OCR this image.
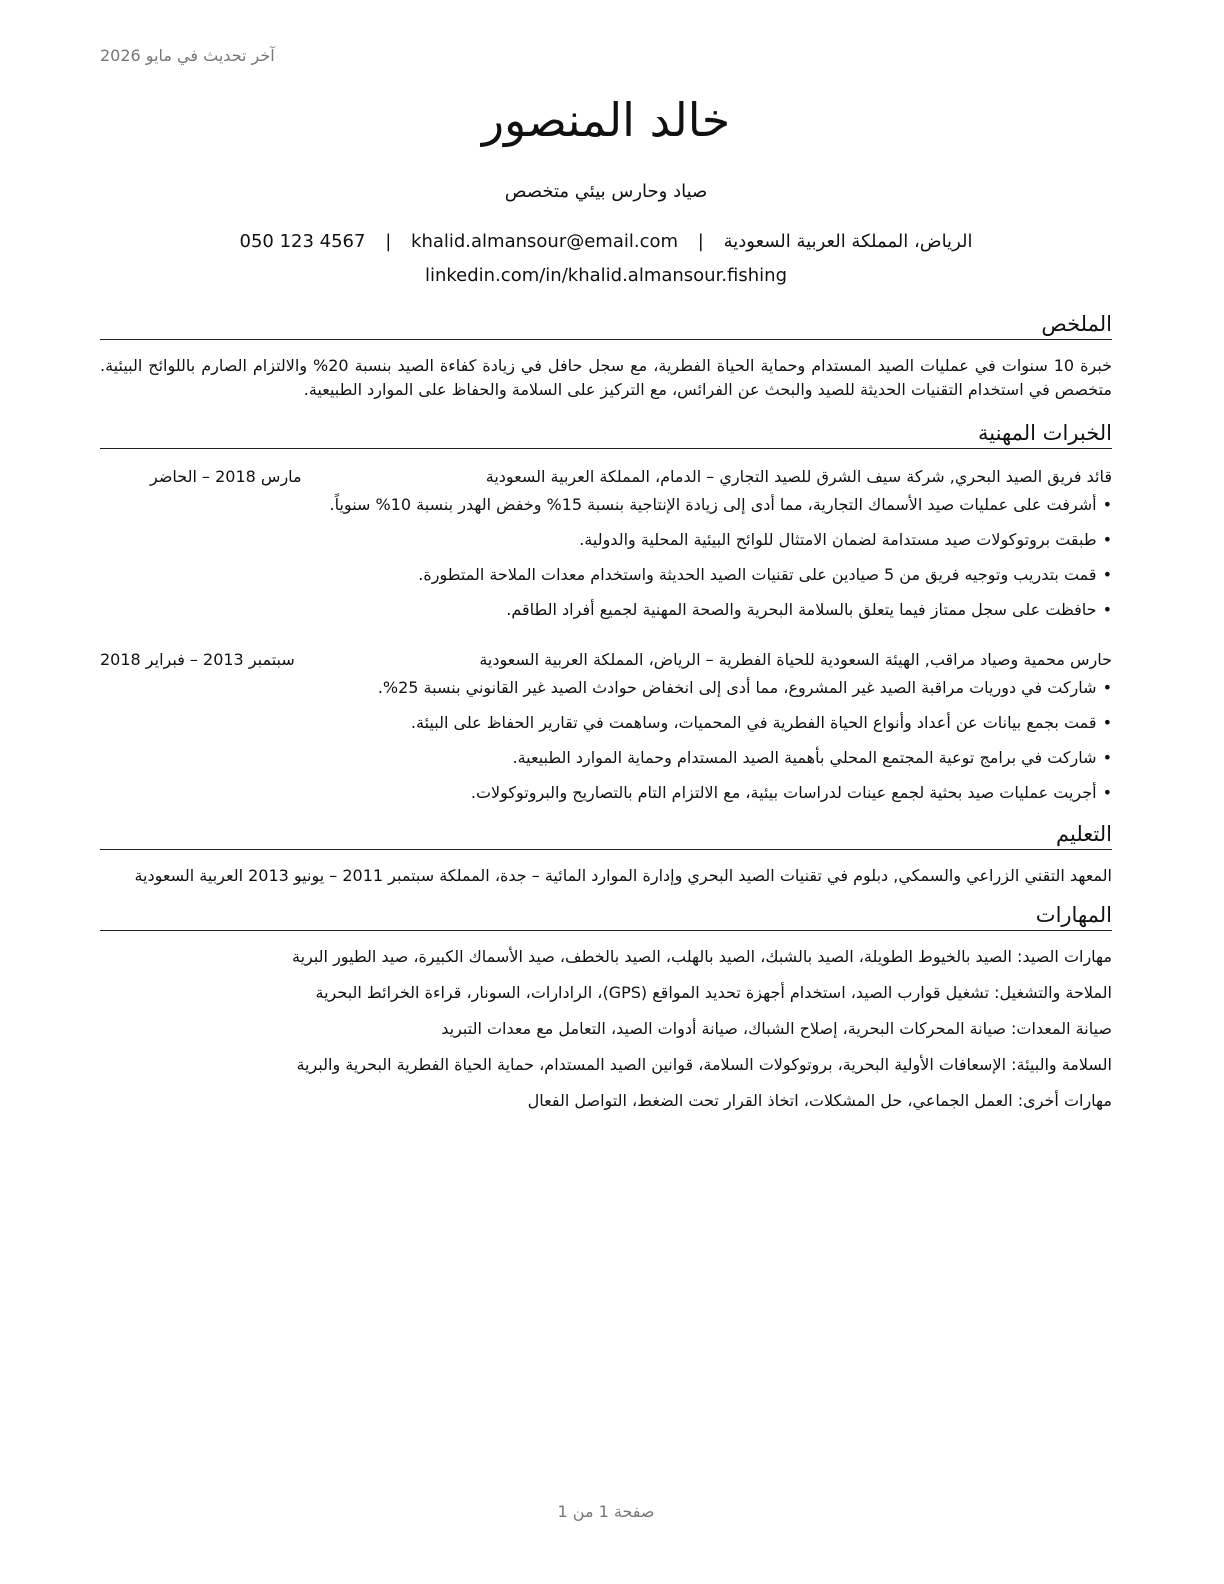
آخر تحديث في مايو 2026
خالد المنصور
صياد وحارس بيئي متخصص
الرياض، المملكة العربية السعودية | khalid.almansour@email.com | 050 123 4567
linkedin.com/in/khalid.almansour.fishing
الملخص
خبرة 10 سنوات في عمليات الصيد المستدام وحماية الحياة الفطرية، مع سجل حافل في زيادة كفاءة الصيد بنسبة 20% والالتزام الصارم باللوائح البيئية. متخصص في استخدام التقنيات الحديثة للصيد والبحث عن الفرائس، مع التركيز على السلامة والحفاظ على الموارد الطبيعية.
الخبرات المهنية
قائد فريق الصيد البحري, شركة سيف الشرق للصيد التجاري – الدمام، المملكة العربية السعودية
مارس 2018 – الحاضر
•أشرفت على عمليات صيد الأسماك التجارية، مما أدى إلى زيادة الإنتاجية بنسبة 15% وخفض الهدر بنسبة 10% سنوياً.
•طبقت بروتوكولات صيد مستدامة لضمان الامتثال للوائح البيئية المحلية والدولية.
•قمت بتدريب وتوجيه فريق من 5 صيادين على تقنيات الصيد الحديثة واستخدام معدات الملاحة المتطورة.
•حافظت على سجل ممتاز فيما يتعلق بالسلامة البحرية والصحة المهنية لجميع أفراد الطاقم.
حارس محمية وصياد مراقب, الهيئة السعودية للحياة الفطرية – الرياض، المملكة العربية السعودية
سبتمبر 2013 – فبراير 2018
•شاركت في دوريات مراقبة الصيد غير المشروع، مما أدى إلى انخفاض حوادث الصيد غير القانوني بنسبة 25%.
•قمت بجمع بيانات عن أعداد وأنواع الحياة الفطرية في المحميات، وساهمت في تقارير الحفاظ على البيئة.
•شاركت في برامج توعية المجتمع المحلي بأهمية الصيد المستدام وحماية الموارد الطبيعية.
•أجريت عمليات صيد بحثية لجمع عينات لدراسات بيئية، مع الالتزام التام بالتصاريح والبروتوكولات.
التعليم
المعهد التقني الزراعي والسمكي, دبلوم في تقنيات الصيد البحري وإدارة الموارد المائية – جدة، المملكة سبتمبر 2011 – يونيو 2013 العربية السعودية
المهارات
مهارات الصيد: الصيد بالخيوط الطويلة، الصيد بالشبك، الصيد بالهلب، الصيد بالخطف، صيد الأسماك الكبيرة، صيد الطيور البرية
الملاحة والتشغيل: تشغيل قوارب الصيد، استخدام أجهزة تحديد المواقع (GPS)، الرادارات، السونار، قراءة الخرائط البحرية
صيانة المعدات: صيانة المحركات البحرية، إصلاح الشباك، صيانة أدوات الصيد، التعامل مع معدات التبريد
السلامة والبيئة: الإسعافات الأولية البحرية، بروتوكولات السلامة، قوانين الصيد المستدام، حماية الحياة الفطرية البحرية والبرية
مهارات أخرى: العمل الجماعي، حل المشكلات، اتخاذ القرار تحت الضغط، التواصل الفعال
صفحة 1 من 1
